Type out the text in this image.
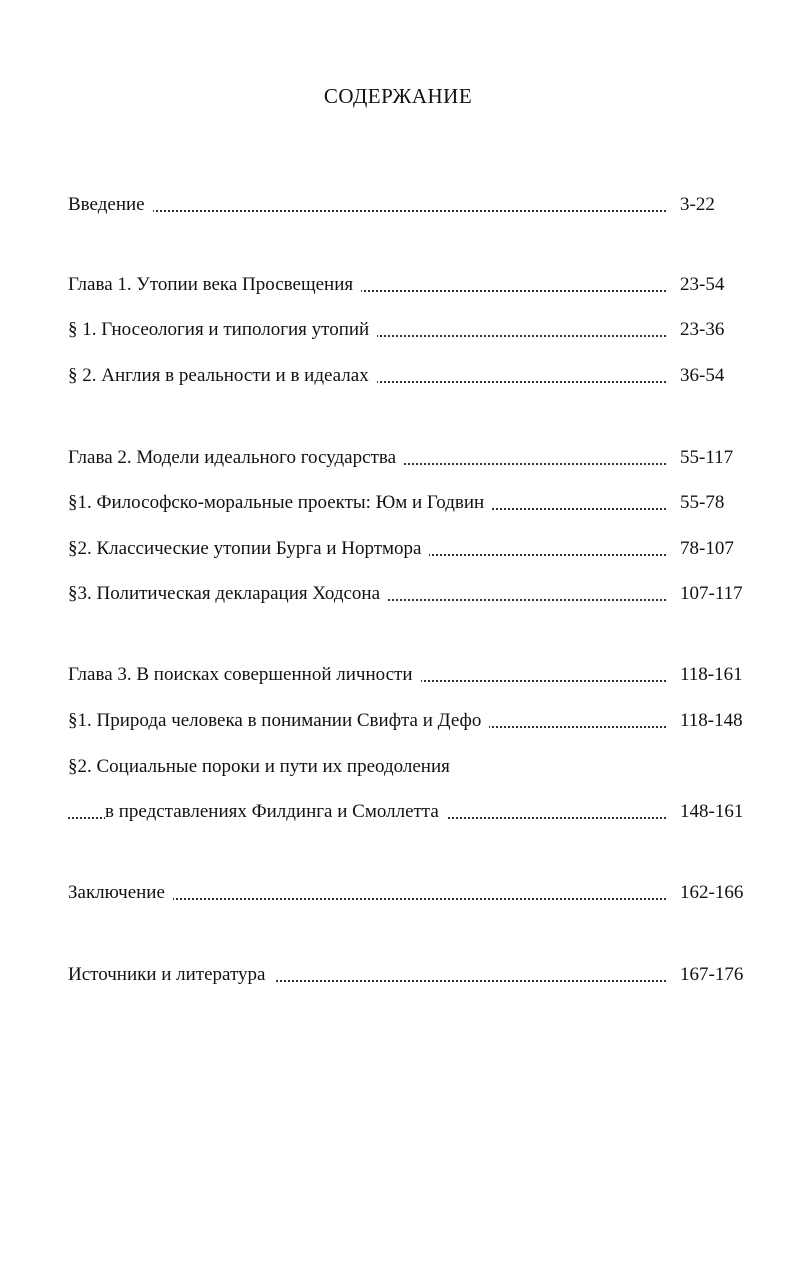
СОДЕРЖАНИЕ
Введение	3-22
Глава 1. Утопии века Просвещения	23-54
§ 1. Гносеология и типология утопий	23-36
§ 2. Англия в реальности и в идеалах	36-54
Глава 2. Модели идеального государства	55-117
§1. Философско-моральные проекты: Юм и Годвин	55-78
§2. Классические утопии Бурга и Нортмора	78-107
§3. Политическая декларация Ходсона	107-117
Глава 3. В поисках совершенной личности	118-161
§1. Природа человека в понимании Свифта и Дефо	118-148
§2. Социальные пороки и пути их преодоления
в представлениях Филдинга и Смоллетта	148-161
Заключение	162-166
Источники и литература	167-176
